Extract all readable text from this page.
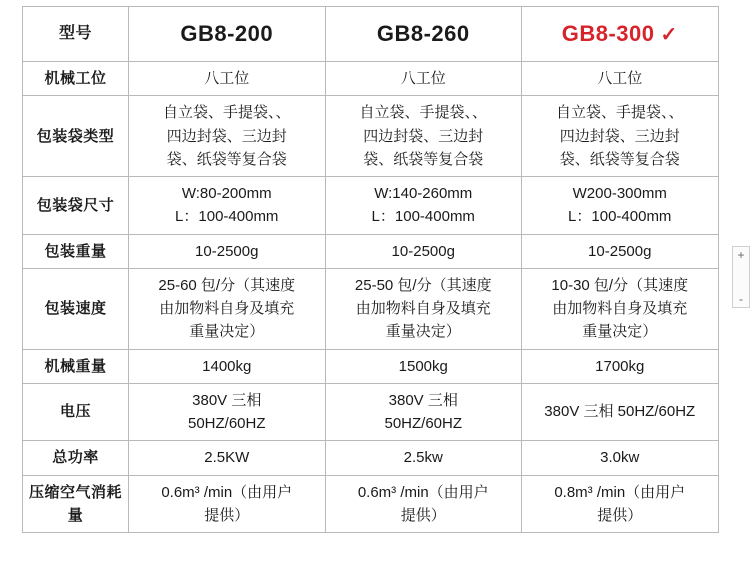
型号	GB8-200	GB8-260	GB8-300 ✓
机械工位	八工位	八工位	八工位

包装袋类型	自立袋、手提袋、、
四边封袋、三边封
袋、纸袋等复合袋	自立袋、手提袋、、
四边封袋、三边封
袋、纸袋等复合袋	自立袋、手提袋、、
四边封袋、三边封
袋、纸袋等复合袋

包装袋尺寸	W:80-200mm
L：100-400mm	W:140-260mm
L：100-400mm	W200-300mm
L：100-400mm

包装重量	10-2500g	10-2500g	10-2500g

包装速度	25-60 包/分（其速度
由加物料自身及填充
重量决定）	25-50 包/分（其速度
由加物料自身及填充
重量决定）	10-30 包/分（其速度
由加物料自身及填充
重量决定）

机械重量	1400kg	1500kg	1700kg

电压	380V 三相
50HZ/60HZ	380V 三相
50HZ/60HZ	380V 三相 50HZ/60HZ

总功率	2.5KW	2.5kw	3.0kw

压缩空气消耗量	0.6m³ /min（由用户
提供）	0.6m³ /min（由用户
提供）	0.8m³ /min（由用户
提供）
+
-
